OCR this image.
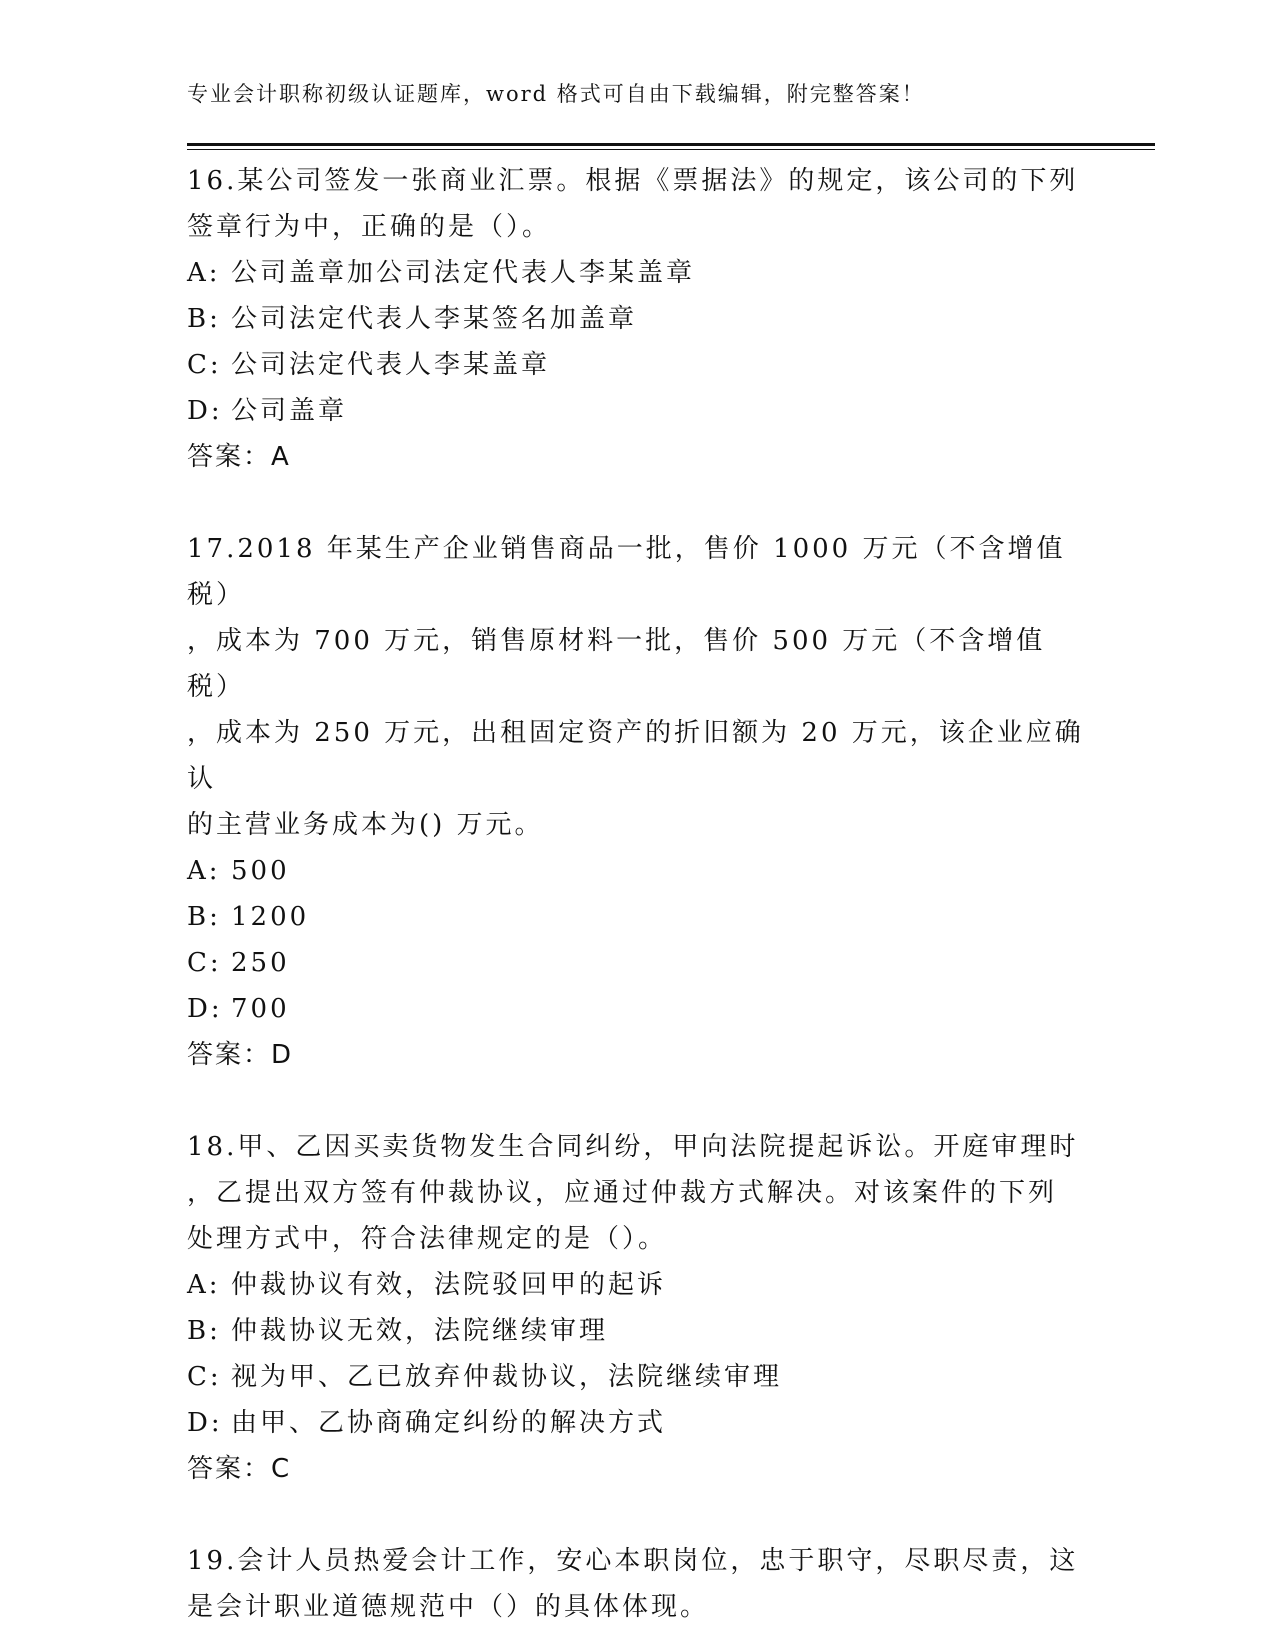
专业会计职称初级认证题库，word 格式可自由下载编辑，附完整答案！

16.某公司签发一张商业汇票。根据《票据法》的规定，该公司的下列

签章行为中，正确的是（）。

A: 公司盖章加公司法定代表人李某盖章

B: 公司法定代表人李某签名加盖章

C: 公司法定代表人李某盖章

D: 公司盖章

答案：A

17.2018 年某生产企业销售商品一批，售价 1000 万元（不含增值税）

，成本为 700 万元，销售原材料一批，售价 500 万元（不含增值税）

，成本为 250 万元，出租固定资产的折旧额为 20 万元，该企业应确认

的主营业务成本为() 万元。

A: 500

B: 1200

C: 250

D: 700

答案：D

18.甲、乙因买卖货物发生合同纠纷，甲向法院提起诉讼。开庭审理时

，乙提出双方签有仲裁协议，应通过仲裁方式解决。对该案件的下列

处理方式中，符合法律规定的是（）。

A: 仲裁协议有效，法院驳回甲的起诉

B: 仲裁协议无效，法院继续审理

C: 视为甲、乙已放弃仲裁协议，法院继续审理

D: 由甲、乙协商确定纠纷的解决方式

答案：C

19.会计人员热爱会计工作，安心本职岗位，忠于职守，尽职尽责，这

是会计职业道德规范中（）的具体体现。
